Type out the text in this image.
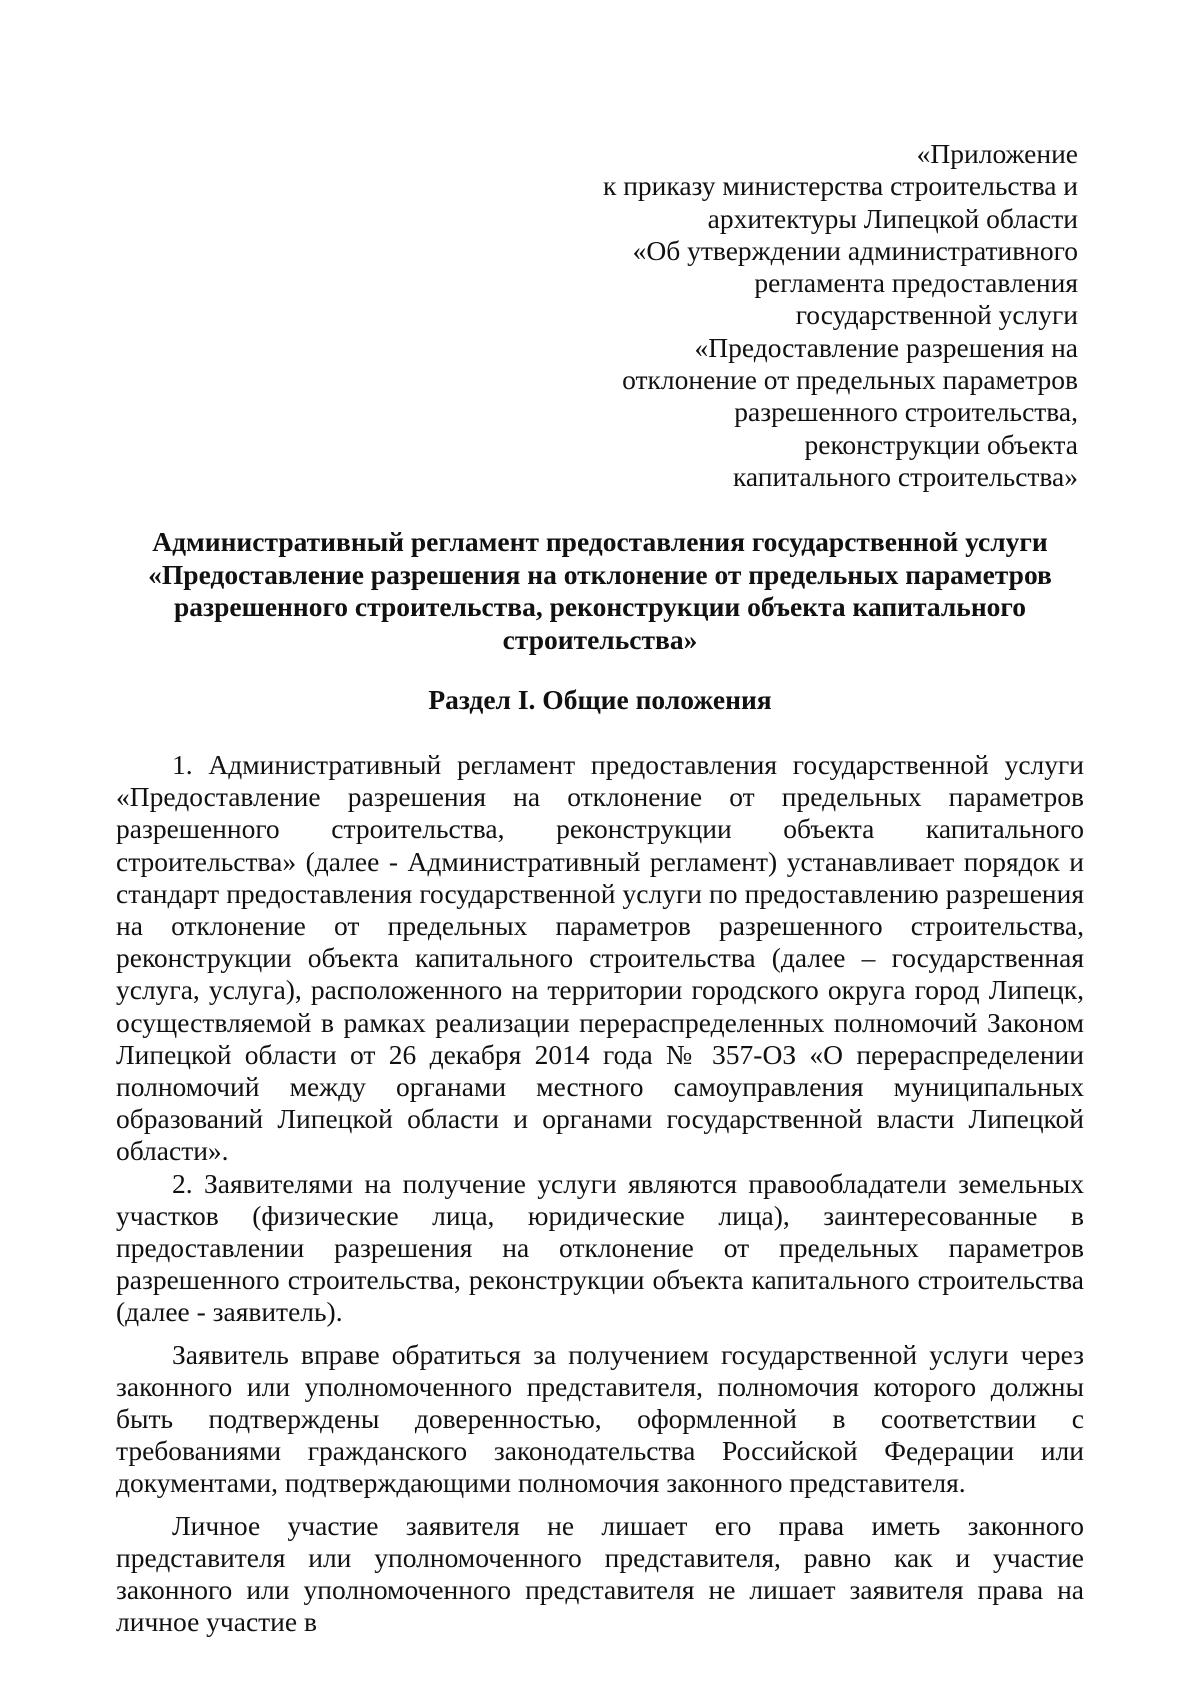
«Приложение
к приказу министерства строительства и
архитектуры Липецкой области
«Об утверждении административного
регламента предоставления
государственной услуги
«Предоставление разрешения на
отклонение от предельных параметров
разрешенного строительства,
реконструкции объекта
капитального строительства»
Административный регламент предоставления государственной услуги
«Предоставление разрешения на отклонение от предельных параметров
разрешенного строительства, реконструкции объекта капитального
строительства»
Раздел I. Общие положения

1. Административный регламент предоставления государственной услуги «Предоставление разрешения на отклонение от предельных параметров разрешенного строительства, реконструкции объекта капитального строительства» (далее - Административный регламент) устанавливает порядок и стандарт предоставления государственной услуги по предоставлению разрешения на отклонение от предельных параметров разрешенного строительства, реконструкции объекта капитального строительства (далее – государственная услуга, услуга), расположенного на территории городского округа город Липецк, осуществляемой в рамках реализации перераспределенных полномочий Законом Липецкой области от 26 декабря 2014 года № 357-ОЗ «О перераспределении полномочий между органами местного самоуправления муниципальных образований Липецкой области и органами государственной власти Липецкой области».

2. Заявителями на получение услуги являются правообладатели земельных участков (физические лица, юридические лица), заинтересованные в предоставлении разрешения на отклонение от предельных параметров разрешенного строительства, реконструкции объекта капитального строительства (далее - заявитель).

Заявитель вправе обратиться за получением государственной услуги через законного или уполномоченного представителя, полномочия которого должны быть подтверждены доверенностью, оформленной в соответствии с требованиями гражданского законодательства Российской Федерации или документами, подтверждающими полномочия законного представителя.

Личное участие заявителя не лишает его права иметь законного представителя или уполномоченного представителя, равно как и участие законного или уполномоченного представителя не лишает заявителя права на личное участие в
